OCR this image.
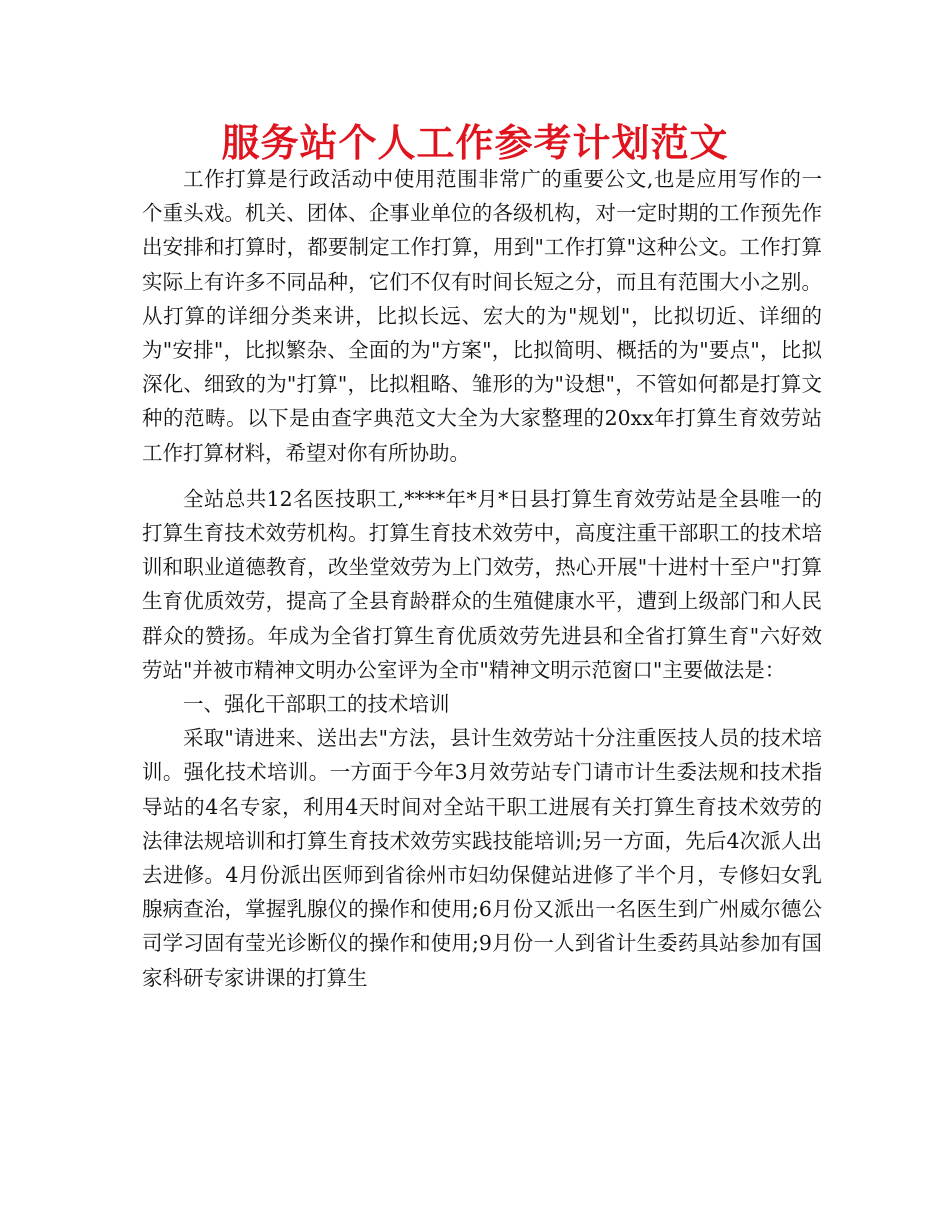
服务站个人工作参考计划范文

工作打算是行政活动中使用范围非常广的重要公文,也是应用写作的一个重头戏。机关、团体、企事业单位的各级机构，对一定时期的工作预先作出安排和打算时，都要制定工作打算，用到"工作打算"这种公文。工作打算实际上有许多不同品种，它们不仅有时间长短之分，而且有范围大小之别。从打算的详细分类来讲，比拟长远、宏大的为"规划"，比拟切近、详细的为"安排"，比拟繁杂、全面的为"方案"，比拟简明、概括的为"要点"，比拟深化、细致的为"打算"，比拟粗略、雏形的为"设想"，不管如何都是打算文种的范畴。以下是由查字典范文大全为大家整理的20xx年打算生育效劳站工作打算材料，希望对你有所协助。

全站总共12名医技职工,****年*月*日县打算生育效劳站是全县唯一的打算生育技术效劳机构。打算生育技术效劳中，高度注重干部职工的技术培训和职业道德教育，改坐堂效劳为上门效劳，热心开展"十进村十至户"打算生育优质效劳，提高了全县育龄群众的生殖健康水平，遭到上级部门和人民群众的赞扬。年成为全省打算生育优质效劳先进县和全省打算生育"六好效劳站"并被市精神文明办公室评为全市"精神文明示范窗口"主要做法是：

一、强化干部职工的技术培训

采取"请进来、送出去"方法，县计生效劳站十分注重医技人员的技术培训。强化技术培训。一方面于今年3月效劳站专门请市计生委法规和技术指导站的4名专家，利用4天时间对全站干职工进展有关打算生育技术效劳的法律法规培训和打算生育技术效劳实践技能培训;另一方面，先后4次派人出去进修。4月份派出医师到省徐州市妇幼保健站进修了半个月，专修妇女乳腺病查治，掌握乳腺仪的操作和使用;6月份又派出一名医生到广州威尔德公司学习固有莹光诊断仪的操作和使用;9月份一人到省计生委药具站参加有国家科研专家讲课的打算生
